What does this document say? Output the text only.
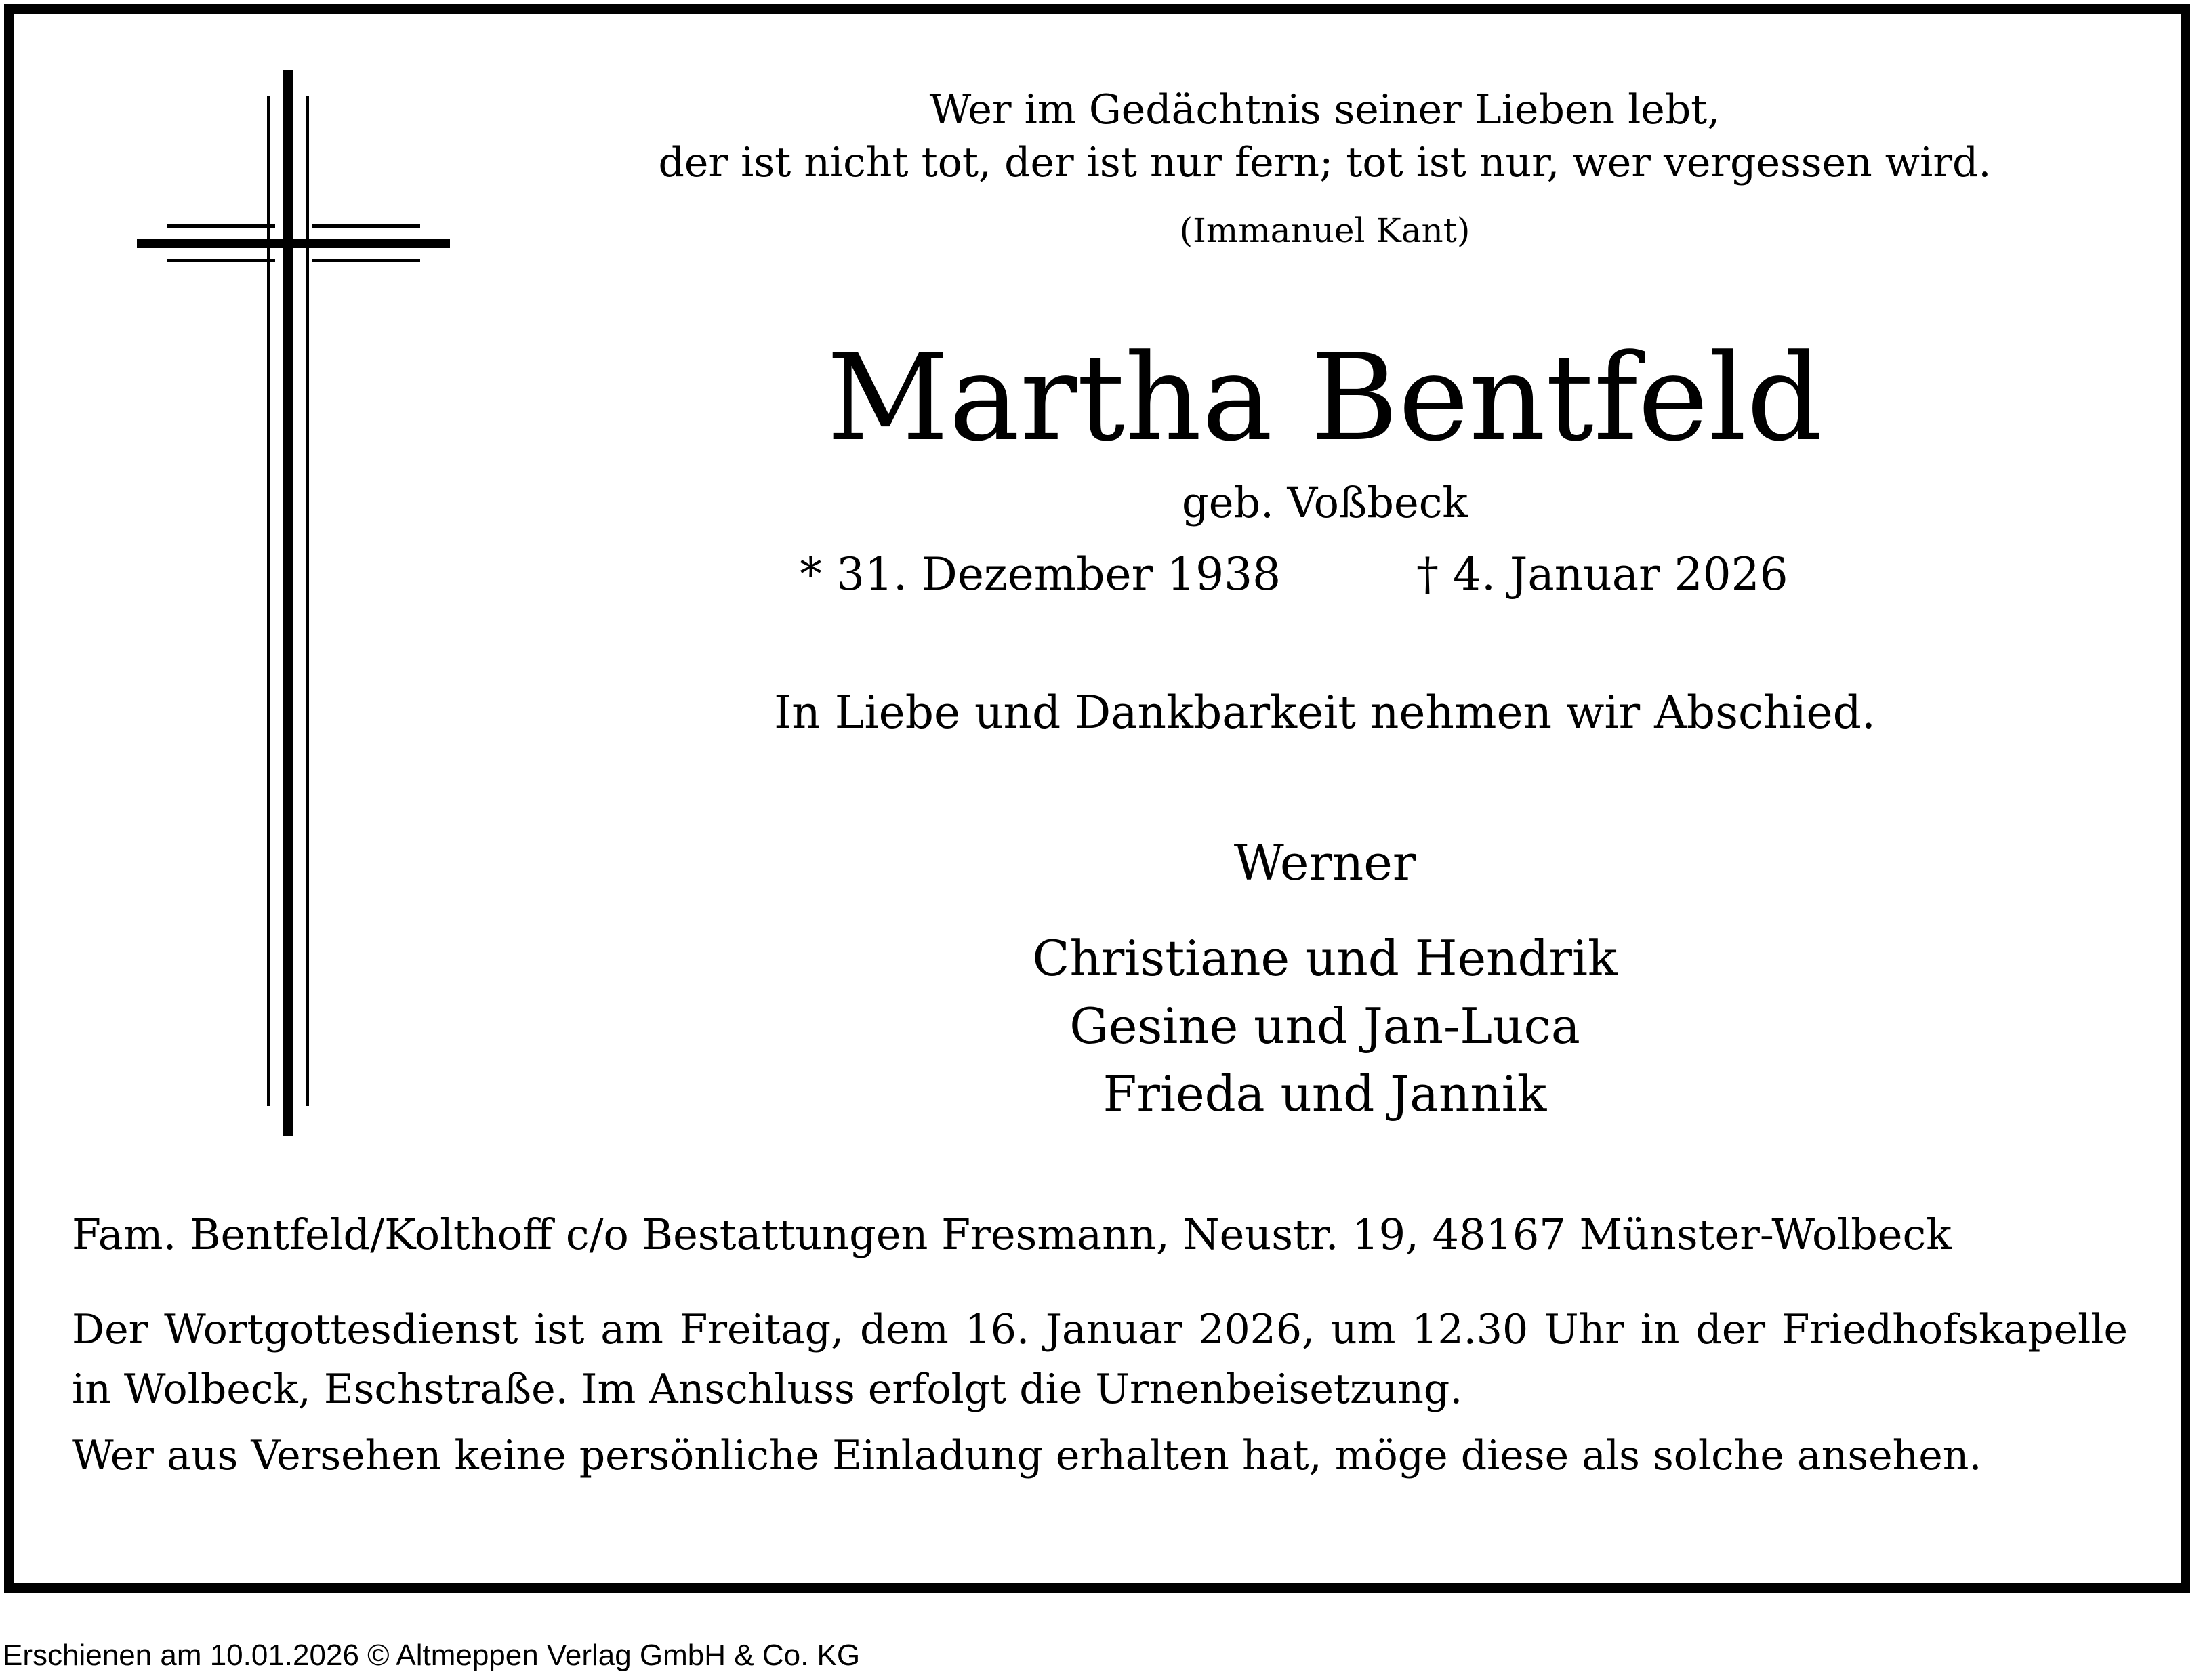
Wer im Gedächtnis seiner Lieben lebt,
der ist nicht tot, der ist nur fern; tot ist nur, wer vergessen wird.
(Immanuel Kant)
Martha Bentfeld
geb. Voßbeck
* 31. Dezember 1938	† 4. Januar 2026
In Liebe und Dankbarkeit nehmen wir Abschied.
Werner
Christiane und Hendrik
Gesine und Jan-Luca
Frieda und Jannik
Fam. Bentfeld/Kolthoff c/o Bestattungen Fresmann, Neustr. 19, 48167 Münster-Wolbeck

Der Wortgottesdienst ist am Freitag, dem 16. Januar 2026, um 12.30 Uhr in der Friedhofskapelle in Wolbeck, Eschstraße. Im Anschluss erfolgt die Urnenbeisetzung.

Wer aus Versehen keine persönliche Einladung erhalten hat, möge diese als solche ansehen.

Erschienen am 10.01.2026 © Altmeppen Verlag GmbH & Co. KG
